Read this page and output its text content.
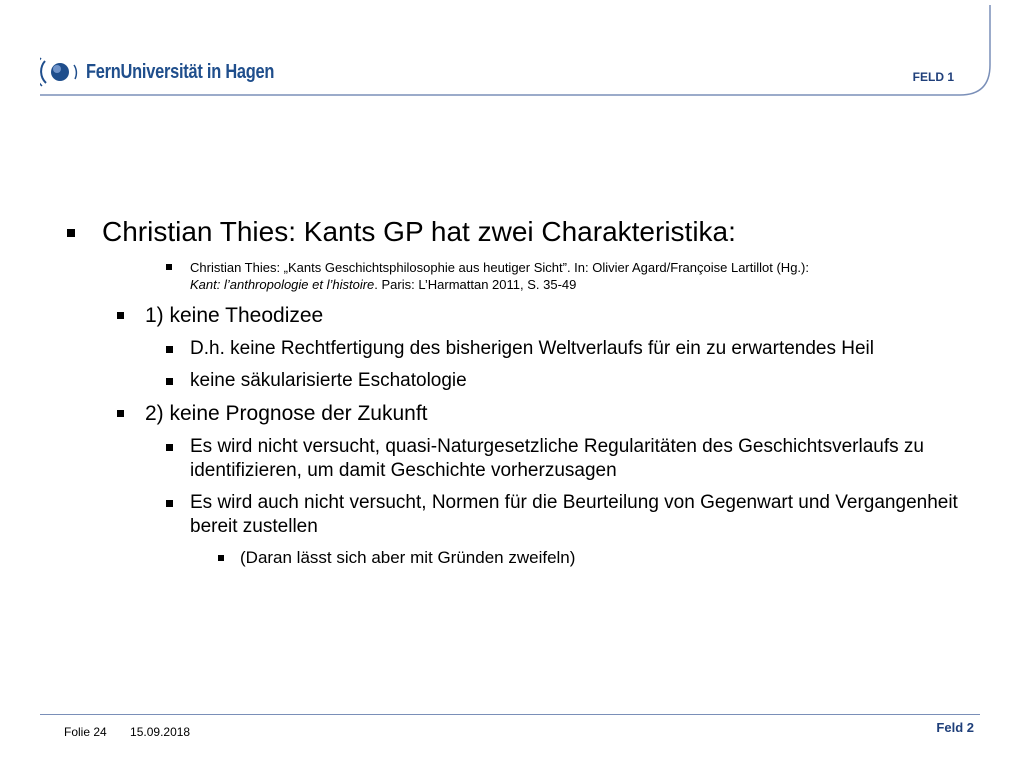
FernUniversität in Hagen	FELD 1
Christian Thies: Kants GP hat zwei Charakteristika:
Christian Thies: „Kants Geschichtsphilosophie aus heutiger Sicht”. In: Olivier Agard/Françoise Lartillot (Hg.):
Kant: l’anthropologie et l’histoire. Paris: L’Harmattan 2011, S. 35-49
1) keine Theodizee
D.h. keine Rechtfertigung des bisherigen Weltverlaufs für ein zu erwartendes Heil
keine säkularisierte Eschatologie
2) keine Prognose der Zukunft
Es wird nicht versucht, quasi-Naturgesetzliche Regularitäten des Geschichtsverlaufs zu identifizieren, um damit Geschichte vorherzusagen
Es wird auch nicht versucht, Normen für die Beurteilung von Gegenwart und Vergangenheit bereit zustellen
(Daran lässt sich aber mit Gründen zweifeln)
Folie 24 15.09.2018	Feld 2
